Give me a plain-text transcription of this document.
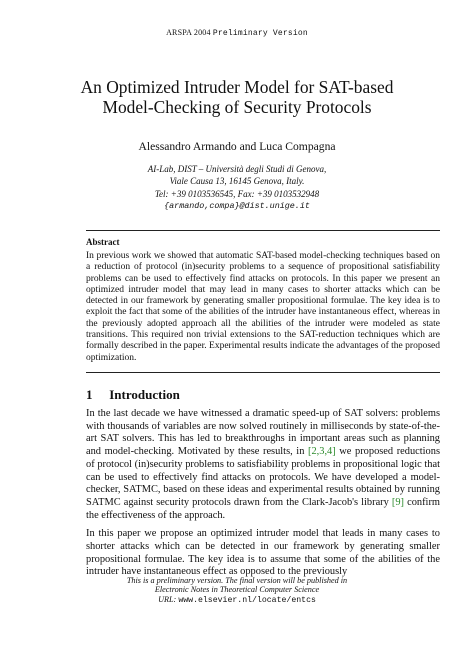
ARSPA 2004 Preliminary Version
An Optimized Intruder Model for SAT-based
Model-Checking of Security Protocols
Alessandro Armando and Luca Compagna
AI-Lab, DIST – Università degli Studi di Genova,
Viale Causa 13, 16145 Genova, Italy.
Tel: +39 0103536545, Fax: +39 0103532948
{armando,compa}@dist.unige.it
Abstract
In previous work we showed that automatic SAT-based model-checking techniques based on a reduction of protocol (in)security problems to a sequence of propositional satisfiability problems can be used to effectively find attacks on protocols. In this paper we present an optimized intruder model that may lead in many cases to shorter attacks which can be detected in our framework by generating smaller propositional formulae. The key idea is to exploit the fact that some of the abilities of the intruder have instantaneous effect, whereas in the previously adopted approach all the abilities of the intruder were modeled as state transitions. This required non trivial extensions to the SAT-reduction techniques which are formally described in the paper. Experimental results indicate the advantages of the proposed optimization.
1 Introduction

In the last decade we have witnessed a dramatic speed-up of SAT solvers: problems with thousands of variables are now solved routinely in milliseconds by state-of-the-art SAT solvers. This has led to breakthroughs in important areas such as planning and model-checking. Motivated by these results, in [2,3,4] we proposed reductions of protocol (in)security problems to satisfiability problems in propositional logic that can be used to effectively find attacks on protocols. We have developed a model-checker, SATMC, based on these ideas and experimental results obtained by running SATMC against security protocols drawn from the Clark-Jacob's library [9] confirm the effectiveness of the approach.

In this paper we propose an optimized intruder model that leads in many cases to shorter attacks which can be detected in our framework by generating smaller propositional formulae. The key idea is to assume that some of the abilities of the intruder have instantaneous effect as opposed to the previously

This is a preliminary version. The final version will be published in
Electronic Notes in Theoretical Computer Science
URL: www.elsevier.nl/locate/entcs
